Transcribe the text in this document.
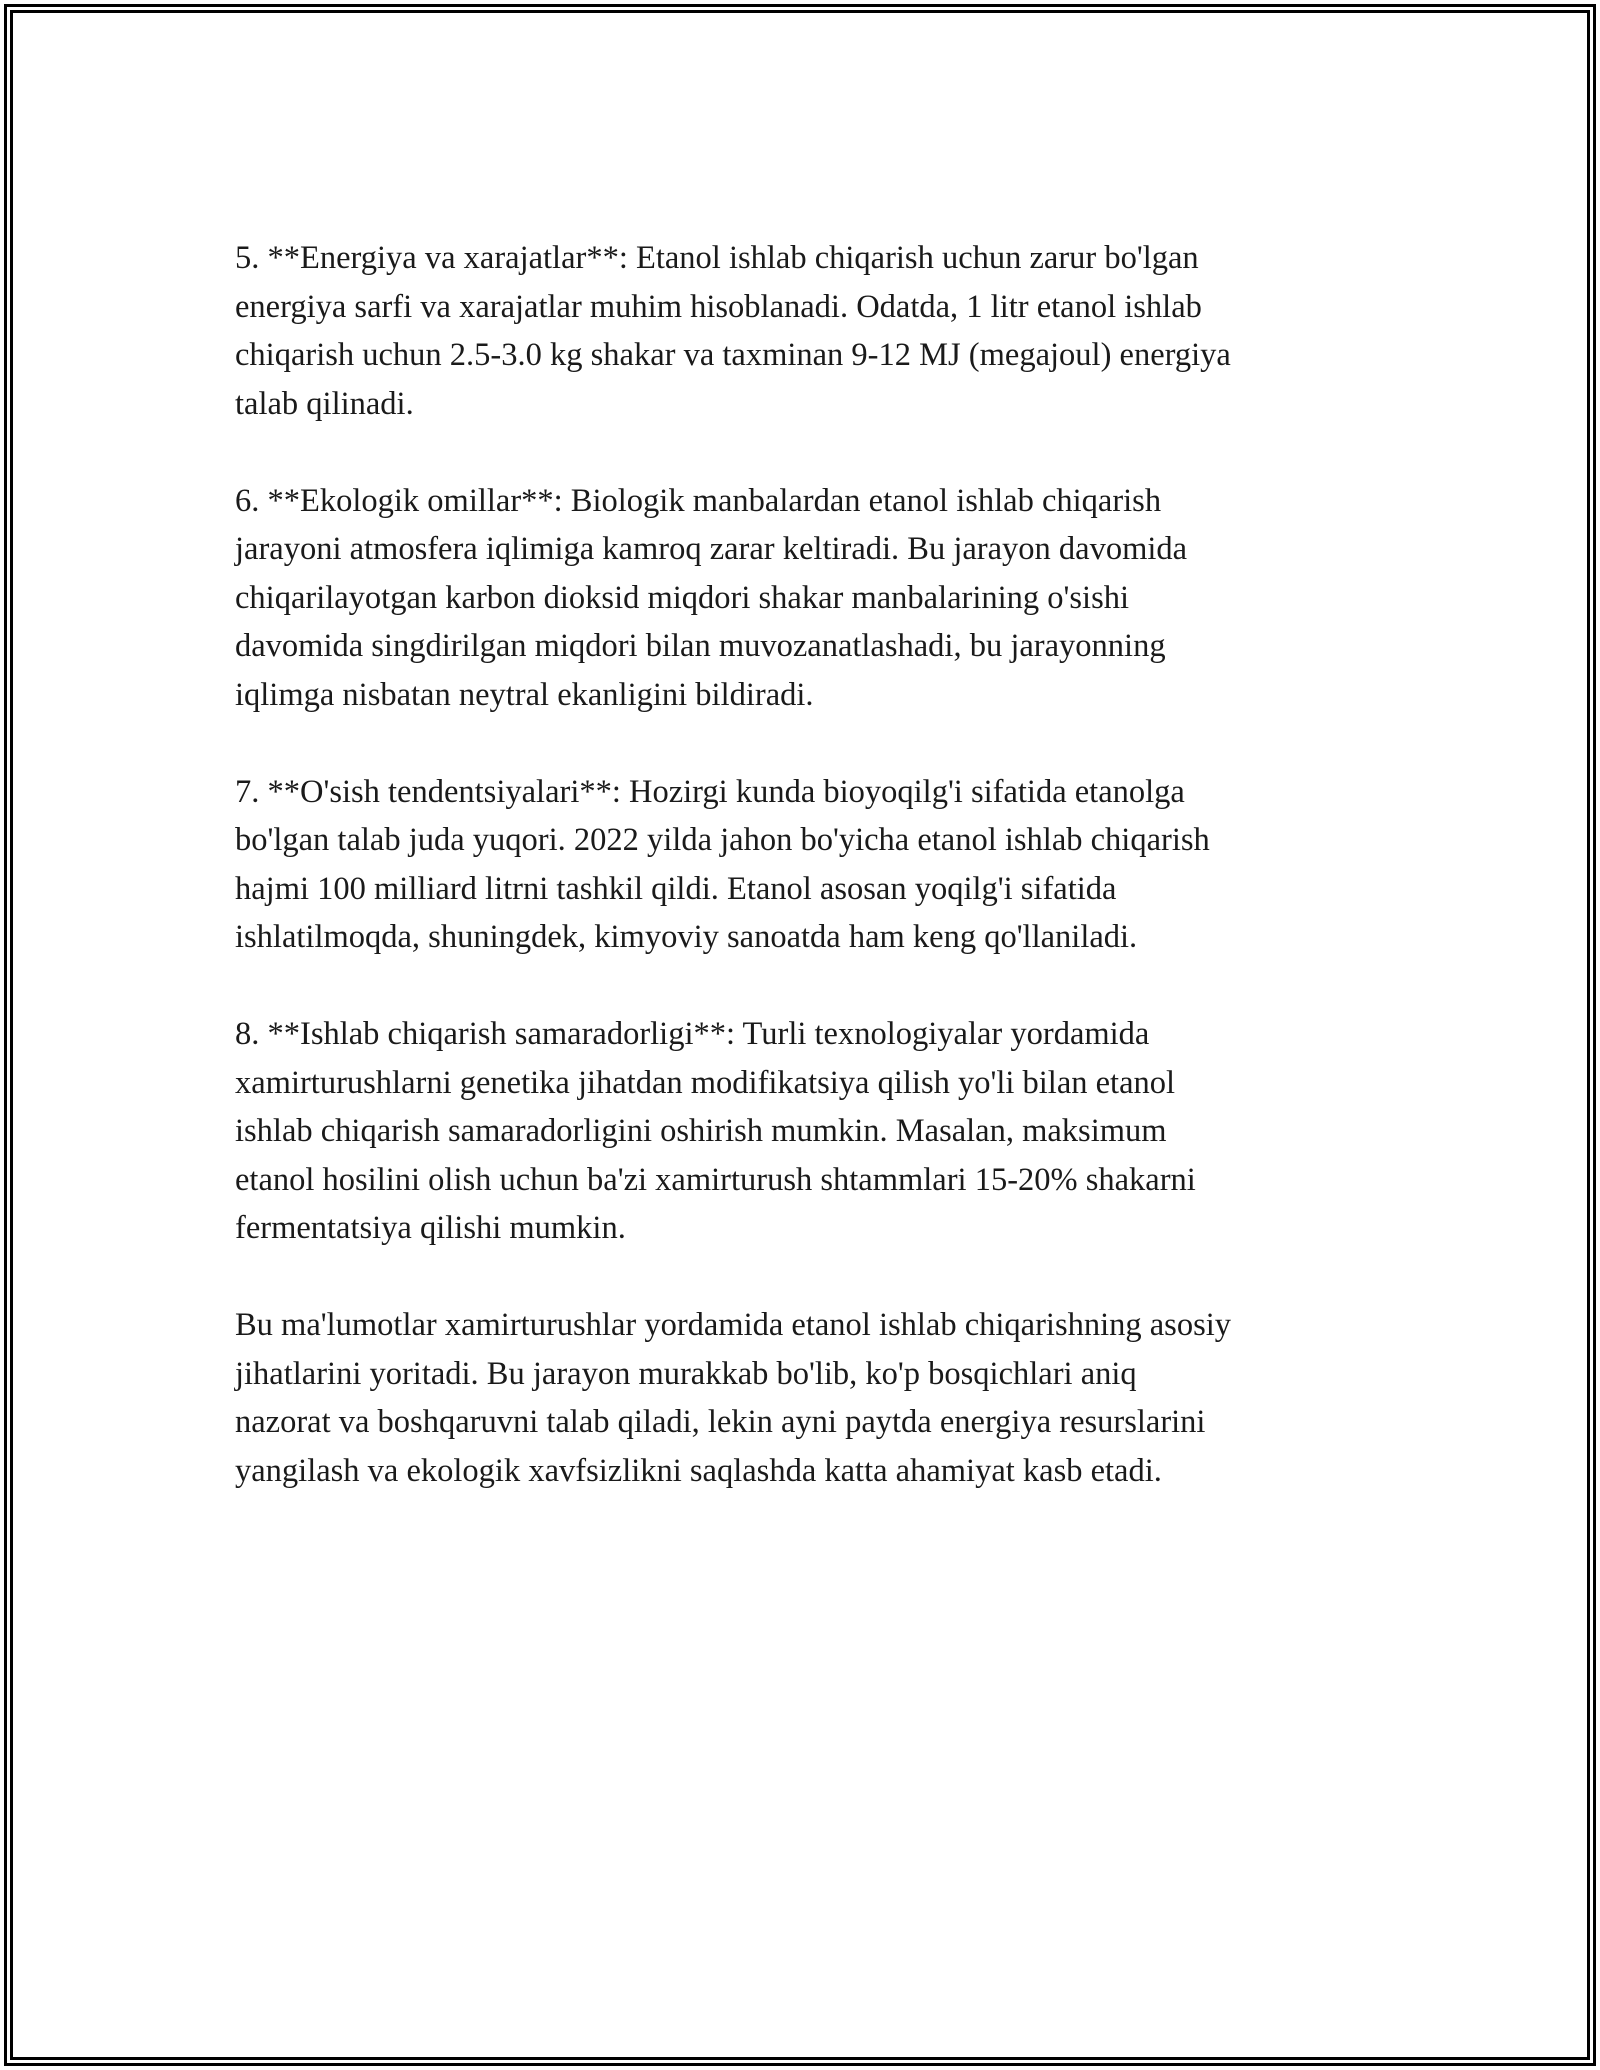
5. **Energiya va xarajatlar**: Etanol ishlab chiqarish uchun zarur bo'lgan
energiya sarfi va xarajatlar muhim hisoblanadi. Odatda, 1 litr etanol ishlab
chiqarish uchun 2.5-3.0 kg shakar va taxminan 9-12 MJ (megajoul) energiya
talab qilinadi.

6. **Ekologik omillar**: Biologik manbalardan etanol ishlab chiqarish
jarayoni atmosfera iqlimiga kamroq zarar keltiradi. Bu jarayon davomida
chiqarilayotgan karbon dioksid miqdori shakar manbalarining o'sishi
davomida singdirilgan miqdori bilan muvozanatlashadi, bu jarayonning
iqlimga nisbatan neytral ekanligini bildiradi.

7. **O'sish tendentsiyalari**: Hozirgi kunda bioyoqilg'i sifatida etanolga
bo'lgan talab juda yuqori. 2022 yilda jahon bo'yicha etanol ishlab chiqarish
hajmi 100 milliard litrni tashkil qildi. Etanol asosan yoqilg'i sifatida
ishlatilmoqda, shuningdek, kimyoviy sanoatda ham keng qo'llaniladi.

8. **Ishlab chiqarish samaradorligi**: Turli texnologiyalar yordamida
xamirturushlarni genetika jihatdan modifikatsiya qilish yo'li bilan etanol
ishlab chiqarish samaradorligini oshirish mumkin. Masalan, maksimum
etanol hosilini olish uchun ba'zi xamirturush shtammlari 15-20% shakarni
fermentatsiya qilishi mumkin.

Bu ma'lumotlar xamirturushlar yordamida etanol ishlab chiqarishning asosiy
jihatlarini yoritadi. Bu jarayon murakkab bo'lib, ko'p bosqichlari aniq
nazorat va boshqaruvni talab qiladi, lekin ayni paytda energiya resurslarini
yangilash va ekologik xavfsizlikni saqlashda katta ahamiyat kasb etadi.
